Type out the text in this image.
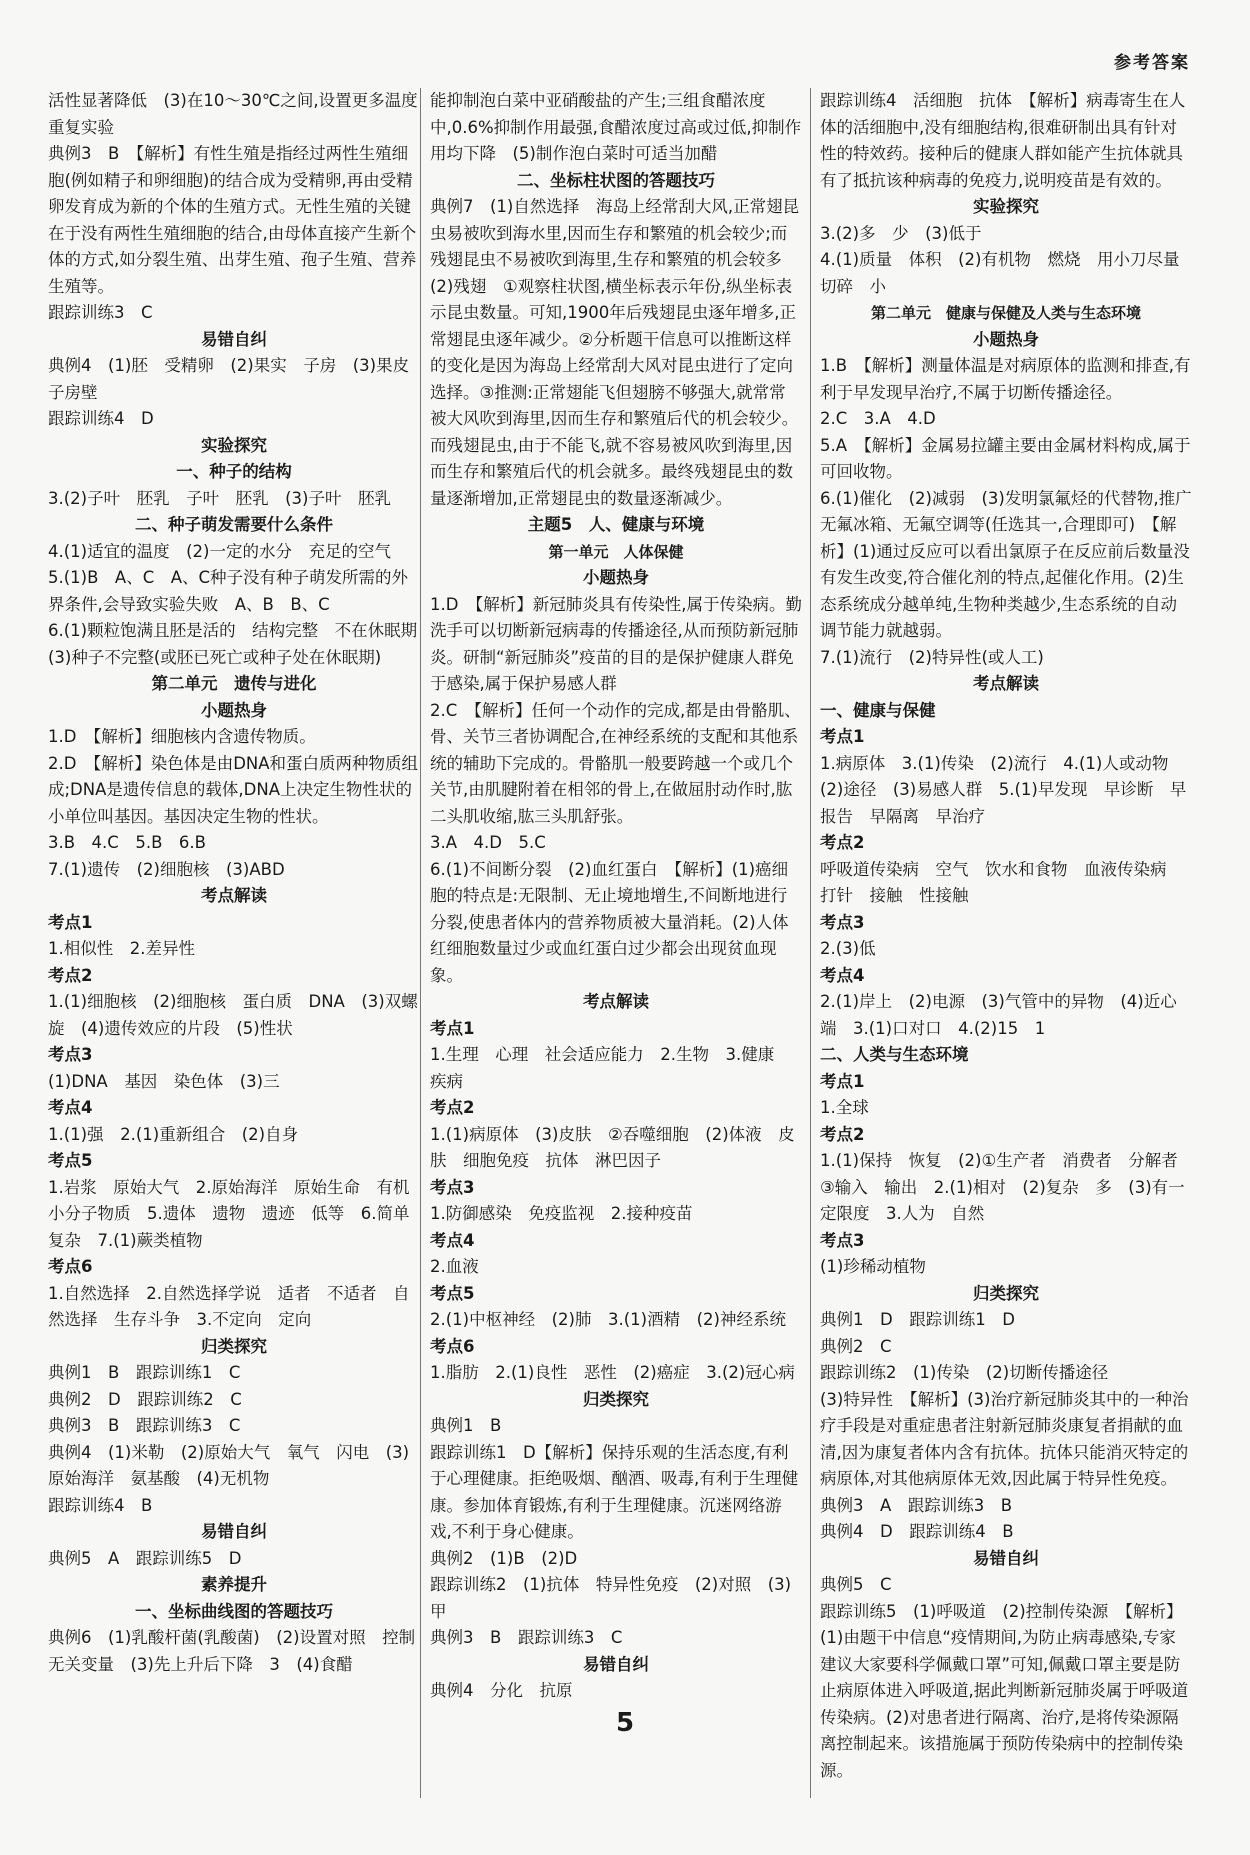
参考答案

活性显著降低　(3)在10～30℃之间,设置更多温度重复实验

典例3　B　【解析】有性生殖是指经过两性生殖细胞(例如精子和卵细胞)的结合成为受精卵,再由受精卵发育成为新的个体的生殖方式。无性生殖的关键在于没有两性生殖细胞的结合,由母体直接产生新个体的方式,如分裂生殖、出芽生殖、孢子生殖、营养生殖等。

跟踪训练3　C

易错自纠

典例4　(1)胚　受精卵　(2)果实　子房　(3)果皮　子房壁

跟踪训练4　D

实验探究

一、种子的结构

3.(2)子叶　胚乳　子叶　胚乳　(3)子叶　胚乳

二、种子萌发需要什么条件

4.(1)适宜的温度　(2)一定的水分　充足的空气

5.(1)B　A、C　A、C种子没有种子萌发所需的外界条件,会导致实验失败　A、B　B、C

6.(1)颗粒饱满且胚是活的　结构完整　不在休眠期　(3)种子不完整(或胚已死亡或种子处在休眠期)

第二单元　遗传与进化

小题热身

1.D　【解析】细胞核内含遗传物质。

2.D　【解析】染色体是由DNA和蛋白质两种物质组成;DNA是遗传信息的载体,DNA上决定生物性状的小单位叫基因。基因决定生物的性状。

3.B　4.C　5.B　6.B

7.(1)遗传　(2)细胞核　(3)ABD

考点解读

考点1

1.相似性　2.差异性

考点2

1.(1)细胞核　(2)细胞核　蛋白质　DNA　(3)双螺旋　(4)遗传效应的片段　(5)性状

考点3

(1)DNA　基因　染色体　(3)三

考点4

1.(1)强　2.(1)重新组合　(2)自身

考点5

1.岩浆　原始大气　2.原始海洋　原始生命　有机小分子物质　5.遗体　遗物　遗迹　低等　6.简单　复杂　7.(1)蕨类植物

考点6

1.自然选择　2.自然选择学说　适者　不适者　自然选择　生存斗争　3.不定向　定向

归类探究

典例1　B　跟踪训练1　C

典例2　D　跟踪训练2　C

典例3　B　跟踪训练3　C

典例4　(1)米勒　(2)原始大气　氧气　闪电　(3)原始海洋　氨基酸　(4)无机物

跟踪训练4　B

易错自纠

典例5　A　跟踪训练5　D

素养提升

一、坐标曲线图的答题技巧

典例6　(1)乳酸杆菌(乳酸菌)　(2)设置对照　控制无关变量　(3)先上升后下降　3　(4)食醋

能抑制泡白菜中亚硝酸盐的产生;三组食醋浓度中,0.6%抑制作用最强,食醋浓度过高或过低,抑制作用均下降　(5)制作泡白菜时可适当加醋

二、坐标柱状图的答题技巧

典例7　(1)自然选择　海岛上经常刮大风,正常翅昆虫易被吹到海水里,因而生存和繁殖的机会较少;而残翅昆虫不易被吹到海里,生存和繁殖的机会较多　(2)残翅　①观察柱状图,横坐标表示年份,纵坐标表示昆虫数量。可知,1900年后残翅昆虫逐年增多,正常翅昆虫逐年减少。②分析题干信息可以推断这样的变化是因为海岛上经常刮大风对昆虫进行了定向选择。③推测:正常翅能飞但翅膀不够强大,就常常被大风吹到海里,因而生存和繁殖后代的机会较少。而残翅昆虫,由于不能飞,就不容易被风吹到海里,因而生存和繁殖后代的机会就多。最终残翅昆虫的数量逐渐增加,正常翅昆虫的数量逐渐减少。

主题5　人、健康与环境

第一单元　人体保健

小题热身

1.D　【解析】新冠肺炎具有传染性,属于传染病。勤洗手可以切断新冠病毒的传播途径,从而预防新冠肺炎。研制“新冠肺炎”疫苗的目的是保护健康人群免于感染,属于保护易感人群

2.C　【解析】任何一个动作的完成,都是由骨骼肌、骨、关节三者协调配合,在神经系统的支配和其他系统的辅助下完成的。骨骼肌一般要跨越一个或几个关节,由肌腱附着在相邻的骨上,在做屈肘动作时,肱二头肌收缩,肱三头肌舒张。

3.A　4.D　5.C

6.(1)不间断分裂　(2)血红蛋白　【解析】(1)癌细胞的特点是:无限制、无止境地增生,不间断地进行分裂,使患者体内的营养物质被大量消耗。(2)人体红细胞数量过少或血红蛋白过少都会出现贫血现象。

考点解读

考点1

1.生理　心理　社会适应能力　2.生物　3.健康　疾病

考点2

1.(1)病原体　(3)皮肤　②吞噬细胞　(2)体液　皮肤　细胞免疫　抗体　淋巴因子

考点3

1.防御感染　免疫监视　2.接种疫苗

考点4

2.血液

考点5

2.(1)中枢神经　(2)肺　3.(1)酒精　(2)神经系统

考点6

1.脂肪　2.(1)良性　恶性　(2)癌症　3.(2)冠心病

归类探究

典例1　B

跟踪训练1　D【解析】保持乐观的生活态度,有利于心理健康。拒绝吸烟、酗酒、吸毒,有利于生理健康。参加体育锻炼,有利于生理健康。沉迷网络游戏,不利于身心健康。

典例2　(1)B　(2)D

跟踪训练2　(1)抗体　特异性免疫　(2)对照　(3)甲

典例3　B　跟踪训练3　C

易错自纠

典例4　分化　抗原

跟踪训练4　活细胞　抗体　【解析】病毒寄生在人体的活细胞中,没有细胞结构,很难研制出具有针对性的特效药。接种后的健康人群如能产生抗体就具有了抵抗该种病毒的免疫力,说明疫苗是有效的。

实验探究

3.(2)多　少　(3)低于

4.(1)质量　体积　(2)有机物　燃烧　用小刀尽量切碎　小

第二单元　健康与保健及人类与生态环境

小题热身

1.B　【解析】测量体温是对病原体的监测和排查,有利于早发现早治疗,不属于切断传播途径。

2.C　3.A　4.D

5.A　【解析】金属易拉罐主要由金属材料构成,属于可回收物。

6.(1)催化　(2)减弱　(3)发明氯氟烃的代替物,推广无氟冰箱、无氟空调等(任选其一,合理即可)　【解析】(1)通过反应可以看出氯原子在反应前后数量没有发生改变,符合催化剂的特点,起催化作用。(2)生态系统成分越单纯,生物种类越少,生态系统的自动调节能力就越弱。

7.(1)流行　(2)特异性(或人工)

考点解读

一、健康与保健

考点1

1.病原体　3.(1)传染　(2)流行　4.(1)人或动物　(2)途径　(3)易感人群　5.(1)早发现　早诊断　早报告　早隔离　早治疗

考点2

呼吸道传染病　空气　饮水和食物　血液传染病　打针　接触　性接触

考点3

2.(3)低

考点4

2.(1)岸上　(2)电源　(3)气管中的异物　(4)近心端　3.(1)口对口　4.(2)15　1

二、人类与生态环境

考点1

1.全球

考点2

1.(1)保持　恢复　(2)①生产者　消费者　分解者　③输入　输出　2.(1)相对　(2)复杂　多　(3)有一定限度　3.人为　自然

考点3

(1)珍稀动植物

归类探究

典例1　D　跟踪训练1　D

典例2　C

跟踪训练2　(1)传染　(2)切断传播途径

(3)特异性　【解析】(3)治疗新冠肺炎其中的一种治疗手段是对重症患者注射新冠肺炎康复者捐献的血清,因为康复者体内含有抗体。抗体只能消灭特定的病原体,对其他病原体无效,因此属于特异性免疫。

典例3　A　跟踪训练3　B

典例4　D　跟踪训练4　B

易错自纠

典例5　C

跟踪训练5　(1)呼吸道　(2)控制传染源　【解析】(1)由题干中信息“疫情期间,为防止病毒感染,专家建议大家要科学佩戴口罩”可知,佩戴口罩主要是防止病原体进入呼吸道,据此判断新冠肺炎属于呼吸道传染病。(2)对患者进行隔离、治疗,是将传染源隔离控制起来。该措施属于预防传染病中的控制传染源。

5
